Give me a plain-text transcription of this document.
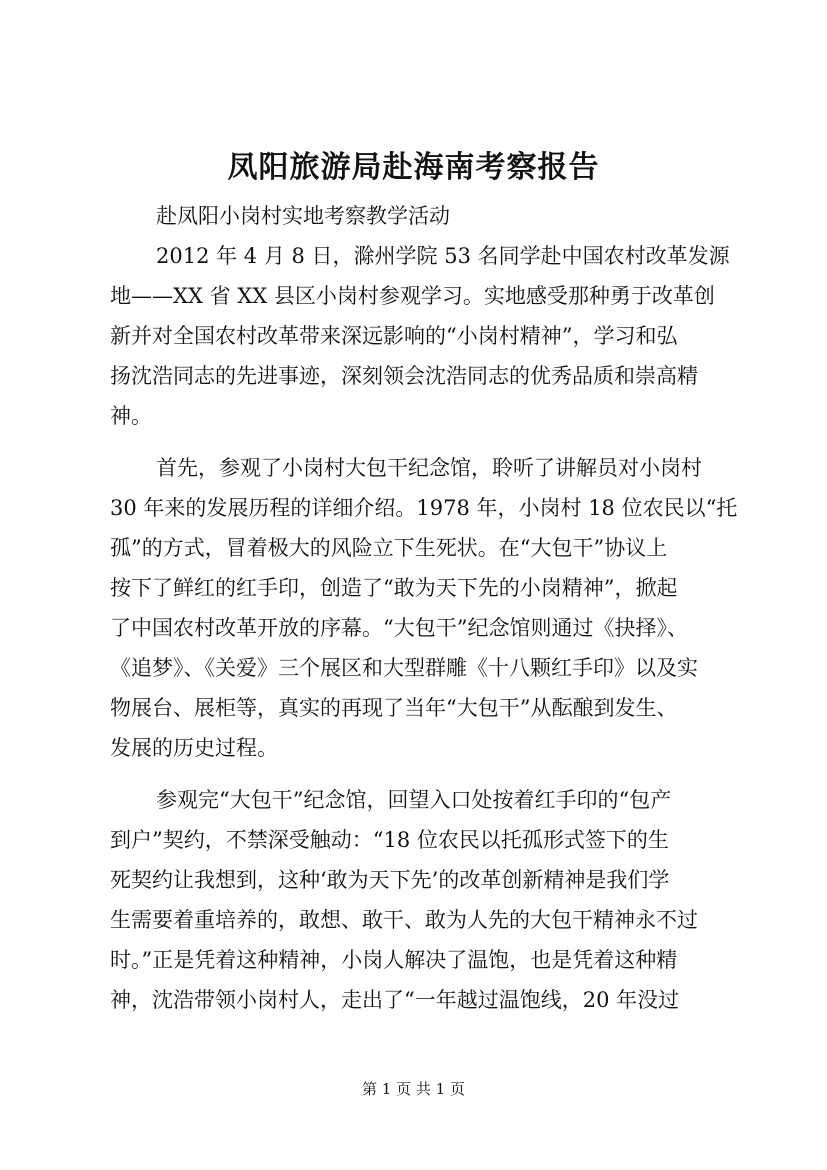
凤阳旅游局赴海南考察报告
赴凤阳小岗村实地考察教学活动
2012 年 4 月 8 日，滁州学院 53 名同学赴中国农村改革发源
地——XX 省 XX 县区小岗村参观学习。实地感受那种勇于改革创
新并对全国农村改革带来深远影响的“小岗村精神”，学习和弘
扬沈浩同志的先进事迹，深刻领会沈浩同志的优秀品质和崇高精
神。
首先，参观了小岗村大包干纪念馆，聆听了讲解员对小岗村
30 年来的发展历程的详细介绍。1978 年，小岗村 18 位农民以“托
孤”的方式，冒着极大的风险立下生死状。在“大包干”协议上
按下了鲜红的红手印，创造了“敢为天下先的小岗精神”，掀起
了中国农村改革开放的序幕。“大包干”纪念馆则通过《抉择》、
《追梦》、《关爱》三个展区和大型群雕《十八颗红手印》以及实
物展台、展柜等，真实的再现了当年“大包干”从酝酿到发生、
发展的历史过程。
参观完“大包干”纪念馆，回望入口处按着红手印的“包产
到户”契约，不禁深受触动：“18 位农民以托孤形式签下的生
死契约让我想到，这种‘敢为天下先’的改革创新精神是我们学
生需要着重培养的，敢想、敢干、敢为人先的大包干精神永不过
时。”正是凭着这种精神，小岗人解决了温饱，也是凭着这种精
神，沈浩带领小岗村人，走出了“一年越过温饱线，20 年没过
第 1 页 共 1 页
